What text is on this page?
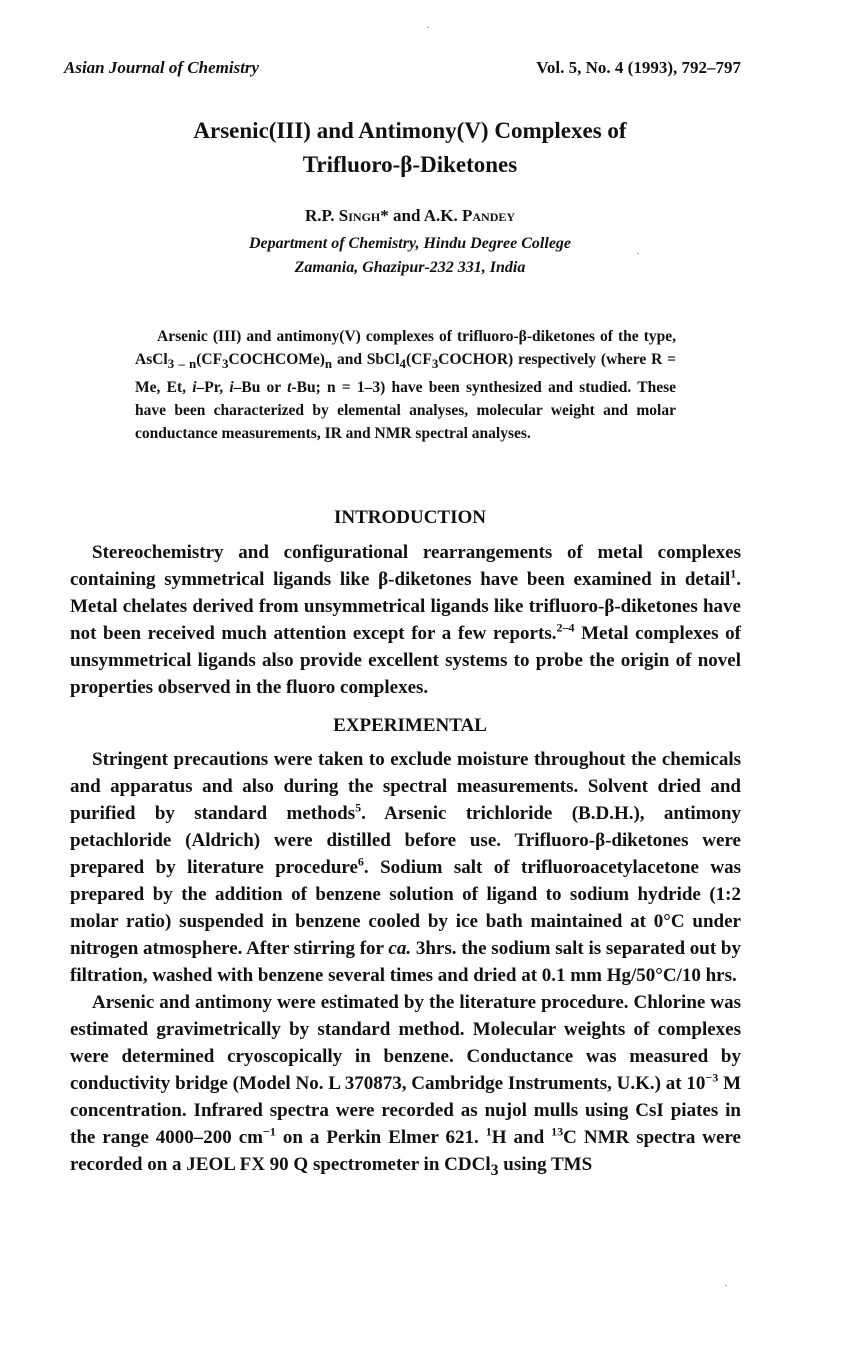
Asian Journal of Chemistry	Vol. 5, No. 4 (1993), 792–797
Arsenic(III) and Antimony(V) Complexes of
Trifluoro-β-Diketones
R.P. Singh* and A.K. Pandey
Department of Chemistry, Hindu Degree College
Zamania, Ghazipur-232 331, India

Arsenic (III) and antimony(V) complexes of trifluoro-β-diketones of the type, $AsCl_{3 - n}(CF_3COCHCOMe)_n$ and $SbCl_4(CF_3COCHOR)$ respectively (where R = Me, Et, i–Pr, i–Bu or t-Bu; n = 1–3) have been synthesized and studied. These have been characterized by elemental analyses, molecular weight and molar conductance measurements, IR and NMR spectral analyses.

INTRODUCTION

Stereochemistry and configurational rearrangements of metal complexes containing symmetrical ligands like β-diketones have been examined in detail$^1$. Metal chelates derived from unsymmetrical ligands like trifluoro-β-diketones have not been received much attention except for a few reports.$^{2-4}$ Metal complexes of unsymmetrical ligands also provide excellent systems to probe the origin of novel properties observed in the fluoro complexes.

EXPERIMENTAL

Stringent precautions were taken to exclude moisture throughout the chemicals and apparatus and also during the spectral measurements. Solvent dried and purified by standard methods$^5$. Arsenic trichloride (B.D.H.), antimony petachloride (Aldrich) were distilled before use. Trifluoro-β-diketones were prepared by literature procedure$^6$. Sodium salt of trifluoroacetylacetone was prepared by the addition of benzene solution of ligand to sodium hydride (1:2 molar ratio) suspended in benzene cooled by ice bath maintained at 0°C under nitrogen atmosphere. After stirring for ca. 3hrs. the sodium salt is separated out by filtration, washed with benzene several times and dried at 0.1 mm Hg/50°C/10 hrs.

Arsenic and antimony were estimated by the literature procedure. Chlorine was estimated gravimetrically by standard method. Molecular weights of complexes were determined cryoscopically in benzene. Conductance was measured by conductivity bridge (Model No. L 370873, Cambridge Instruments, U.K.) at $10^{-3}$ M concentration. Infrared spectra were recorded as nujol mulls using CsI piates in the range 4000–200 $cm^{-1}$ on a Perkin Elmer 621. $^1$H and $^{13}$C NMR spectra were recorded on a JEOL FX 90 Q spectrometer in CDCl$_3$ using TMS

·
·
·
